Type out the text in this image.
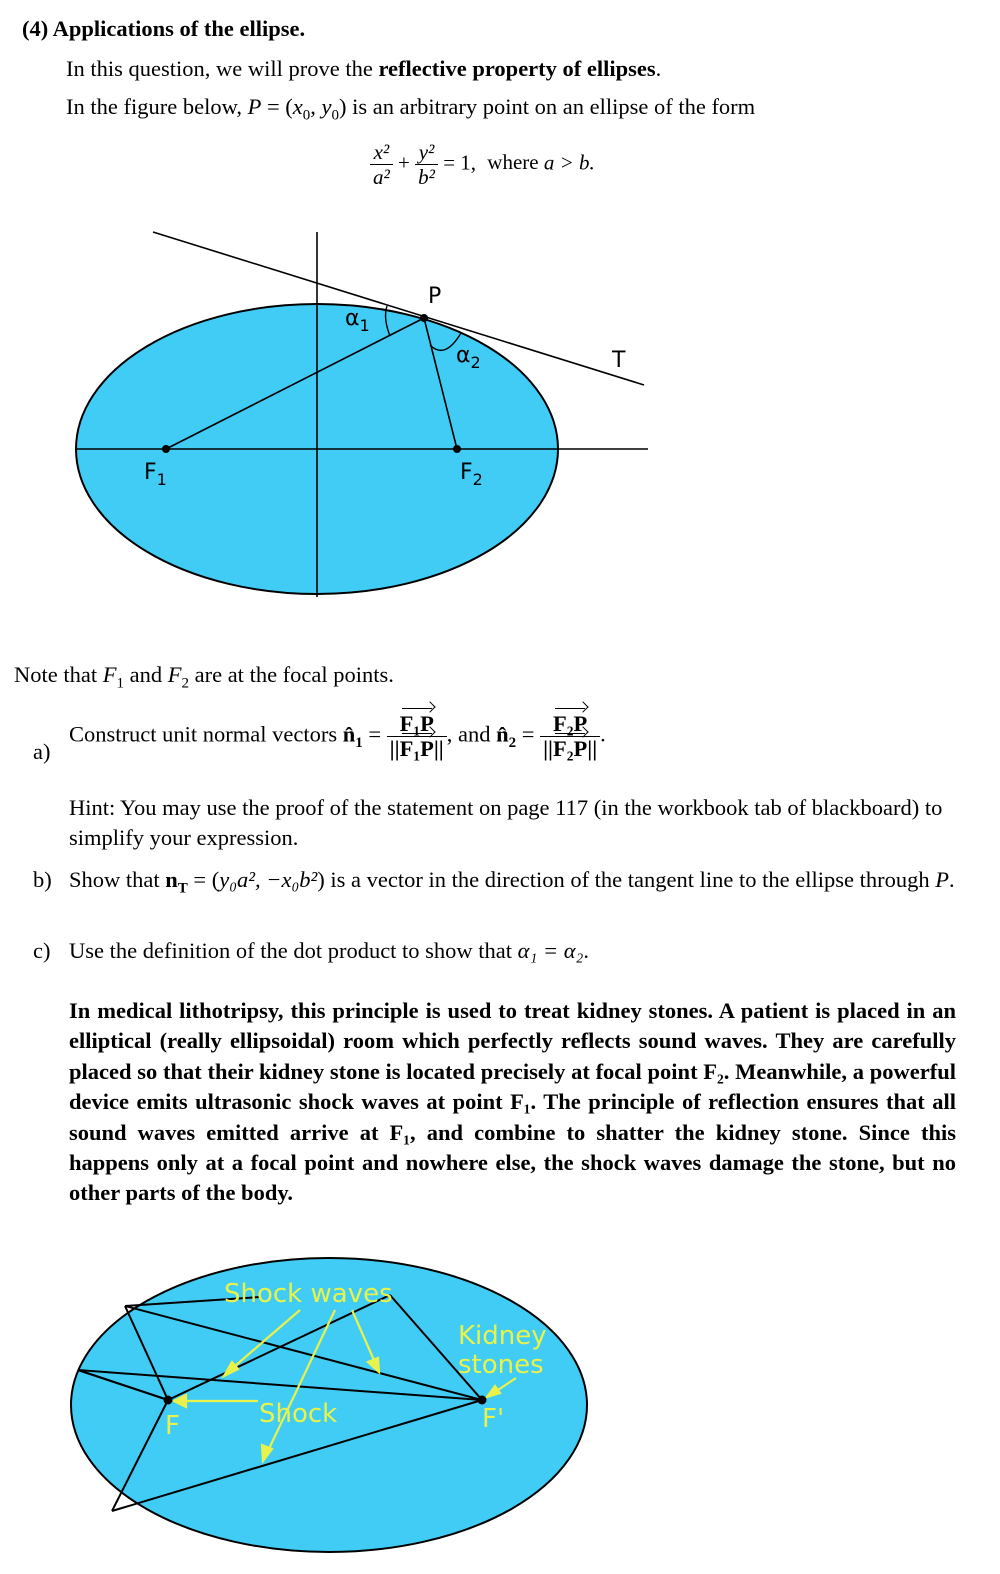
(4) Applications of the ellipse.
In this question, we will prove the reflective property of ellipses.
In the figure below, $P = (x_0$, $y_0$) is an arbitrary point on an ellipse of the form
$\frac{\text{x²}}{\text{a²}} + \frac{\text{y²}}{\text{b²}} = 1$, where a > b.
P
T
$\alpha_1$
$\alpha_2$
$F_1$	$F_2$
Note that $F_1$ and $F_2$ are at the focal points.
a)
Construct unit normal vectors $n̂_1 = \frac{\text{F₁P}}{\text{||F₁P||}}$ , and $n̂_2 = \frac{\text{F₂P}}{\text{||F₂P||}}$ .
Hint: You may use the proof of the statement on page 117 (in the workbook tab of blackboard) to simplify your expression.
b) Show that $n_T = (y_0a^2$, −x₀b²) is a vector in the direction of the tangent line to the ellipse through P.
c) Use the definition of the dot product to show that α₁ = α₂.
In medical lithotripsy, this principle is used to treat kidney stones. A patient is placed in an elliptical (really ellipsoidal) room which perfectly reflects sound waves. They are carefully placed so that their kidney stone is located precisely at focal point F₂. Meanwhile, a powerful device emits ultrasonic shock waves at point F₁. The principle of reflection ensures that all sound waves emitted arrive at F₁, and combine to shatter the kidney stone. Since this happens only at a focal point and nowhere else, the shock waves damage the stone, but no other parts of the body.
Shock waves
Kidney
stones
Shock
F	F'
